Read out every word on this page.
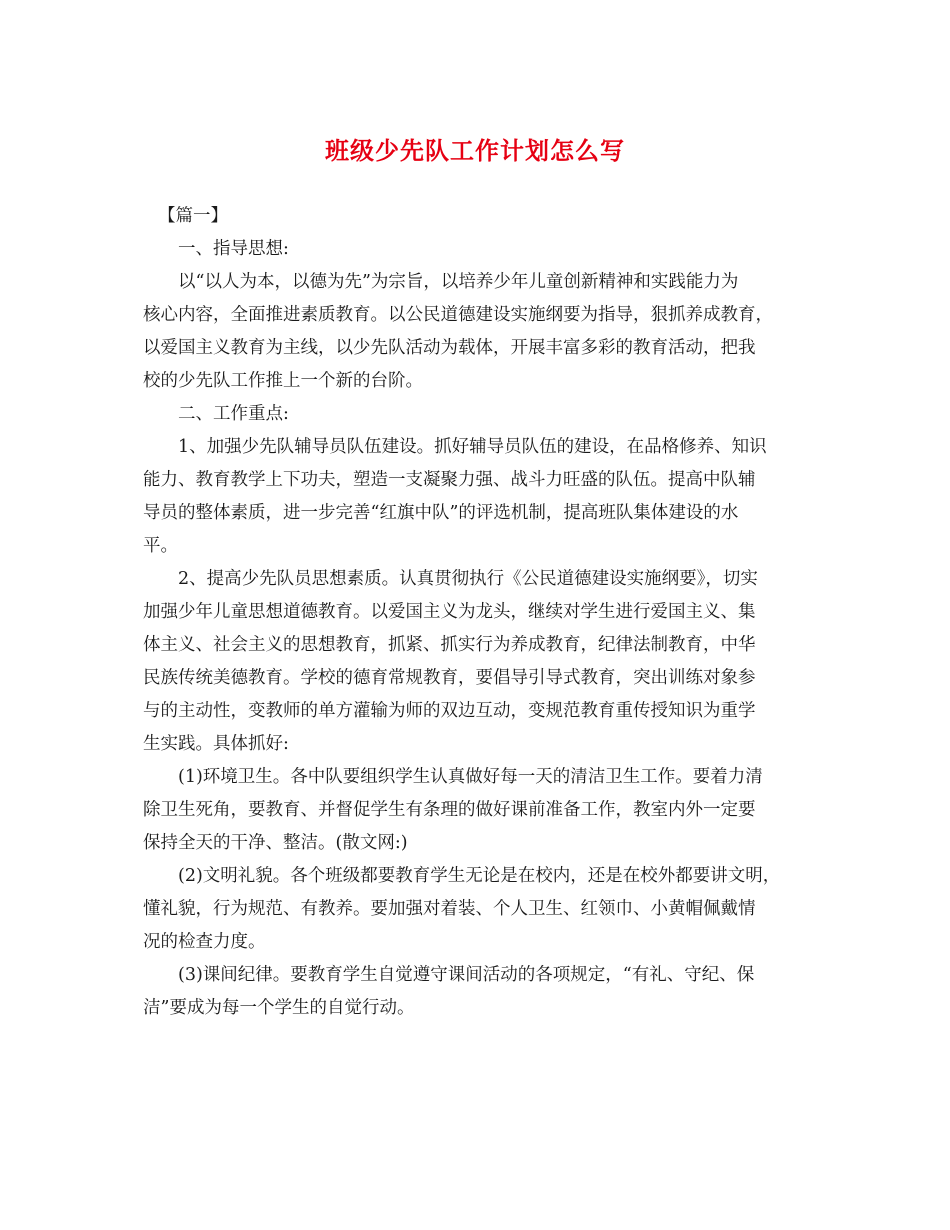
班级少先队工作计划怎么写

【篇一】

一、指导思想:

以“以人为本，以德为先”为宗旨，以培养少年儿童创新精神和实践能力为
核心内容，全面推进素质教育。以公民道德建设实施纲要为指导，狠抓养成教育，
以爱国主义教育为主线，以少先队活动为载体，开展丰富多彩的教育活动，把我
校的少先队工作推上一个新的台阶。

二、工作重点:

1、加强少先队辅导员队伍建设。抓好辅导员队伍的建设，在品格修养、知识
能力、教育教学上下功夫，塑造一支凝聚力强、战斗力旺盛的队伍。提高中队辅
导员的整体素质，进一步完善“红旗中队”的评选机制，提高班队集体建设的水
平。

2、提高少先队员思想素质。认真贯彻执行《公民道德建设实施纲要》，切实
加强少年儿童思想道德教育。以爱国主义为龙头，继续对学生进行爱国主义、集
体主义、社会主义的思想教育，抓紧、抓实行为养成教育，纪律法制教育，中华
民族传统美德教育。学校的德育常规教育，要倡导引导式教育，突出训练对象参
与的主动性，变教师的单方灌输为师的双边互动，变规范教育重传授知识为重学
生实践。具体抓好:

(1)环境卫生。各中队要组织学生认真做好每一天的清洁卫生工作。要着力清
除卫生死角，要教育、并督促学生有条理的做好课前准备工作，教室内外一定要
保持全天的干净、整洁。(散文网:)

(2)文明礼貌。各个班级都要教育学生无论是在校内，还是在校外都要讲文明，
懂礼貌，行为规范、有教养。要加强对着装、个人卫生、红领巾、小黄帽佩戴情
况的检查力度。

(3)课间纪律。要教育学生自觉遵守课间活动的各项规定，“有礼、守纪、保
洁”要成为每一个学生的自觉行动。
